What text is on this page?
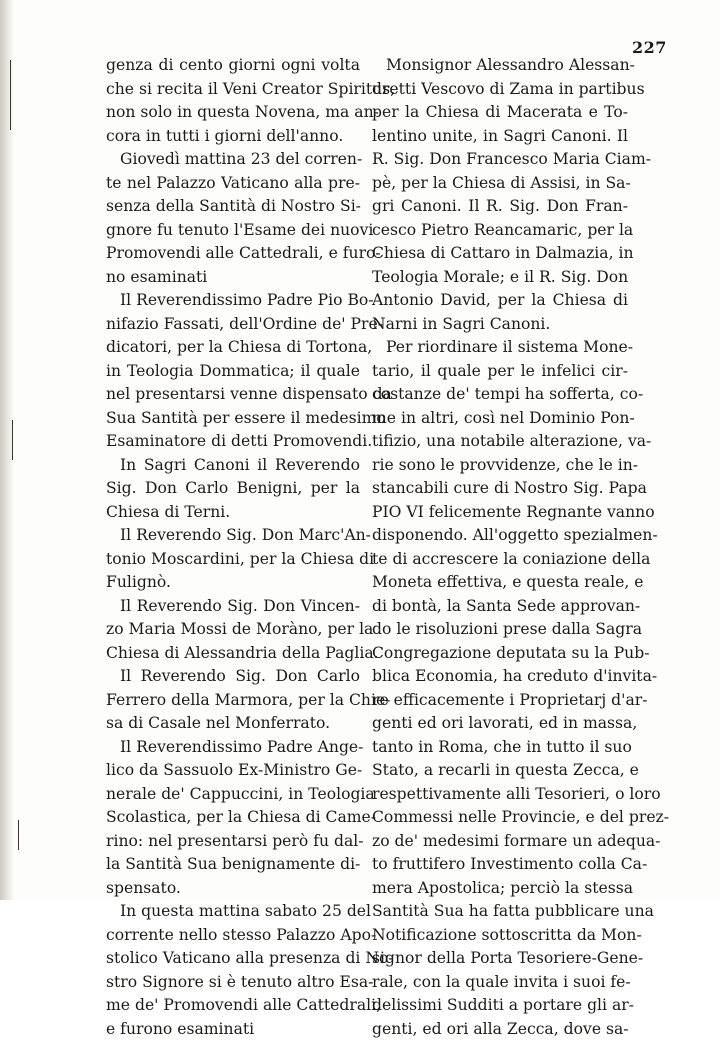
227
genza di cento giorni ogni volta
che si recita il Veni Creator Spiritus,
non solo in questa Novena, ma an-
cora in tutti i giorni dell'anno.
Giovedì mattina 23 del corren-
te nel Palazzo Vaticano alla pre-
senza della Santità di Nostro Si-
gnore fu tenuto l'Esame dei nuovi
Promovendi alle Cattedrali, e furo-
no esaminati
Il Reverendissimo Padre Pio Bo-
nifazio Fassati, dell'Ordine de' Pre-
dicatori, per la Chiesa di Tortona,
in Teologia Dommatica; il quale
nel presentarsi venne dispensato da
Sua Santità per essere il medesimo
Esaminatore di detti Promovendi.
In Sagri Canoni il Reverendo
Sig. Don Carlo Benigni, per la
Chiesa di Terni.
Il Reverendo Sig. Don Marc'An-
tonio Moscardini, per la Chiesa di
Fulignò.
Il Reverendo Sig. Don Vincen-
zo Maria Mossi de Moràno, per la
Chiesa di Alessandria della Paglia.
Il Reverendo Sig. Don Carlo
Ferrero della Marmora, per la Chie-
sa di Casale nel Monferrato.
Il Reverendissimo Padre Ange-
lico da Sassuolo Ex-Ministro Ge-
nerale de' Cappuccini, in Teologia
Scolastica, per la Chiesa di Came-
rino: nel presentarsi però fu dal-
la Santità Sua benignamente di-
spensato.
In questa mattina sabato 25 del
corrente nello stesso Palazzo Apo-
stolico Vaticano alla presenza di No-
stro Signore si è tenuto altro Esa-
me de' Promovendi alle Cattedrali,
e furono esaminati
Monsignor Alessandro Alessan-
dretti Vescovo di Zama in partibus
per la Chiesa di Macerata e To-
lentino unite, in Sagri Canoni. Il
R. Sig. Don Francesco Maria Ciam-
pè, per la Chiesa di Assisi, in Sa-
gri Canoni. Il R. Sig. Don Fran-
cesco Pietro Reancamaric, per la
Chiesa di Cattaro in Dalmazia, in
Teologia Morale; e il R. Sig. Don
Antonio David, per la Chiesa di
Narni in Sagri Canoni.
Per riordinare il sistema Mone-
tario, il quale per le infelici cir-
costanze de' tempi ha sofferta, co-
me in altri, così nel Dominio Pon-
tifizio, una notabile alterazione, va-
rie sono le provvidenze, che le in-
stancabili cure di Nostro Sig. Papa
PIO VI felicemente Regnante vanno
disponendo. All'oggetto spezialmen-
te di accrescere la coniazione della
Moneta effettiva, e questa reale, e
di bontà, la Santa Sede approvan-
do le risoluzioni prese dalla Sagra
Congregazione deputata su la Pub-
blica Economia, ha creduto d'invita-
re efficacemente i Proprietarj d'ar-
genti ed ori lavorati, ed in massa,
tanto in Roma, che in tutto il suo
Stato, a recarli in questa Zecca, e
respettivamente alli Tesorieri, o loro
Commessi nelle Provincie, e del prez-
zo de' medesimi formare un adequa-
to fruttifero Investimento colla Ca-
mera Apostolica; perciò la stessa
Santità Sua ha fatta pubblicare una
Notificazione sottoscritta da Mon-
signor della Porta Tesoriere-Gene-
rale, con la quale invita i suoi fe-
delissimi Sudditi a portare gli ar-
genti, ed ori alla Zecca, dove sa-
